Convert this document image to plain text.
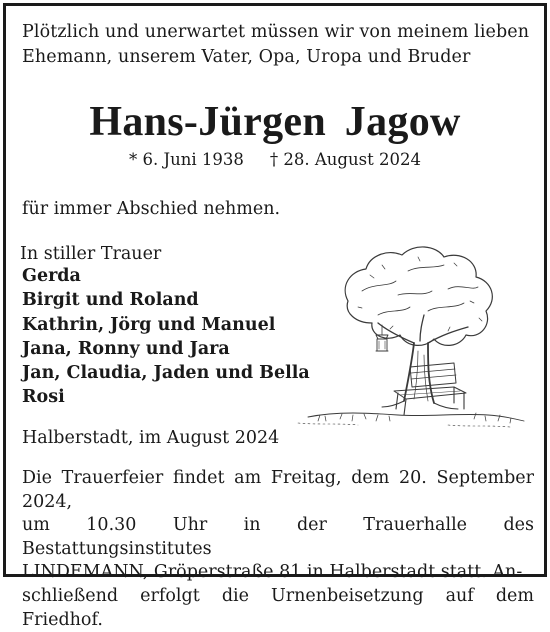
Plötzlich und unerwartet müssen wir von meinem lieben
Ehemann, unserem Vater, Opa, Uropa und Bruder
Hans-Jürgen Jagow
* 6. Juni 1938 † 28. August 2024
für immer Abschied nehmen.
In stiller Trauer
Gerda
Birgit und Roland
Kathrin, Jörg und Manuel
Jana, Ronny und Jara
Jan, Claudia, Jaden und Bella
Rosi
Halberstadt, im August 2024
Die Trauerfeier findet am Freitag, dem 20. September 2024,
um 10.30 Uhr in der Trauerhalle des Bestattungsinstitutes
LINDEMANN, Gröperstraße 81 in Halberstadt statt. An-
schließend erfolgt die Urnenbeisetzung auf dem Friedhof.
